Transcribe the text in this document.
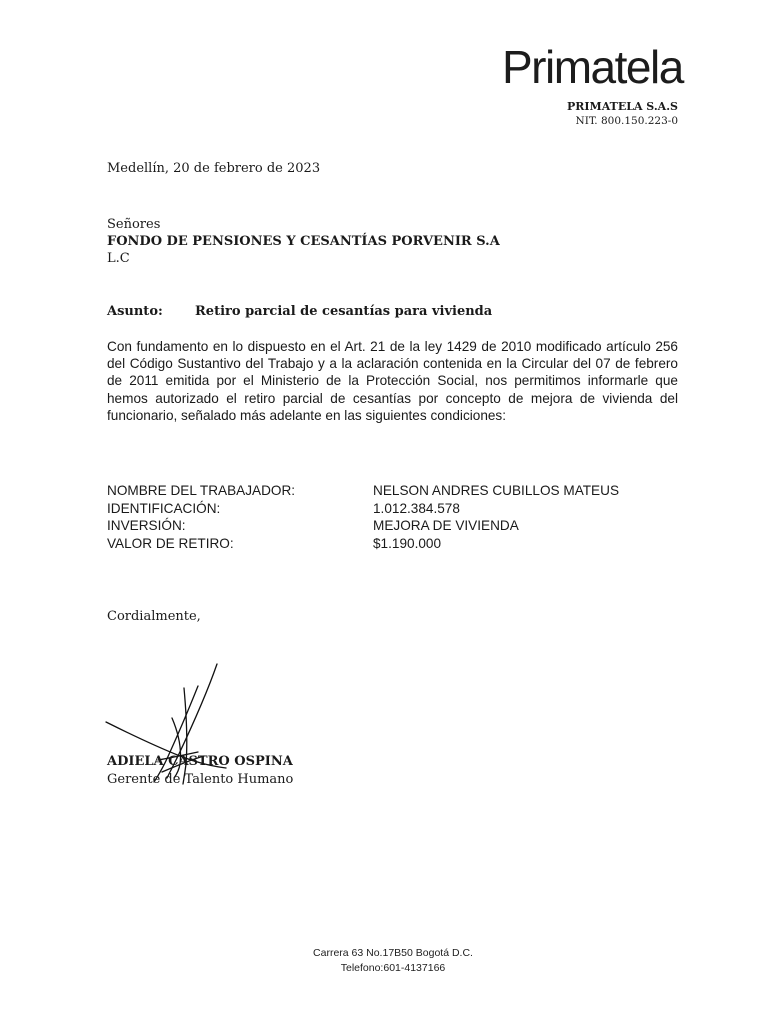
Primatela
PRIMATELA S.A.S
NIT. 800.150.223-0
Medellín, 20 de febrero de 2023
Señores
FONDO DE PENSIONES Y CESANTÍAS PORVENIR S.A
L.C
Asunto: Retiro parcial de cesantías para vivienda
Con fundamento en lo dispuesto en el Art. 21 de la ley 1429 de 2010 modificado artículo 256 del Código Sustantivo del Trabajo y a la aclaración contenida en la Circular del 07 de febrero de 2011 emitida por el Ministerio de la Protección Social, nos permitimos informarle que hemos autorizado el retiro parcial de cesantías por concepto de mejora de vivienda del funcionario, señalado más adelante en las siguientes condiciones:
NOMBRE DEL TRABAJADOR:	NELSON ANDRES CUBILLOS MATEUS
IDENTIFICACIÓN:	1.012.384.578
INVERSIÓN:	MEJORA DE VIVIENDA
VALOR DE RETIRO:	$1.190.000
Cordialmente,
ADIELA CASTRO OSPINA
Gerente de Talento Humano
Carrera 63 No.17B50 Bogotá D.C.
Telefono:601-4137166
